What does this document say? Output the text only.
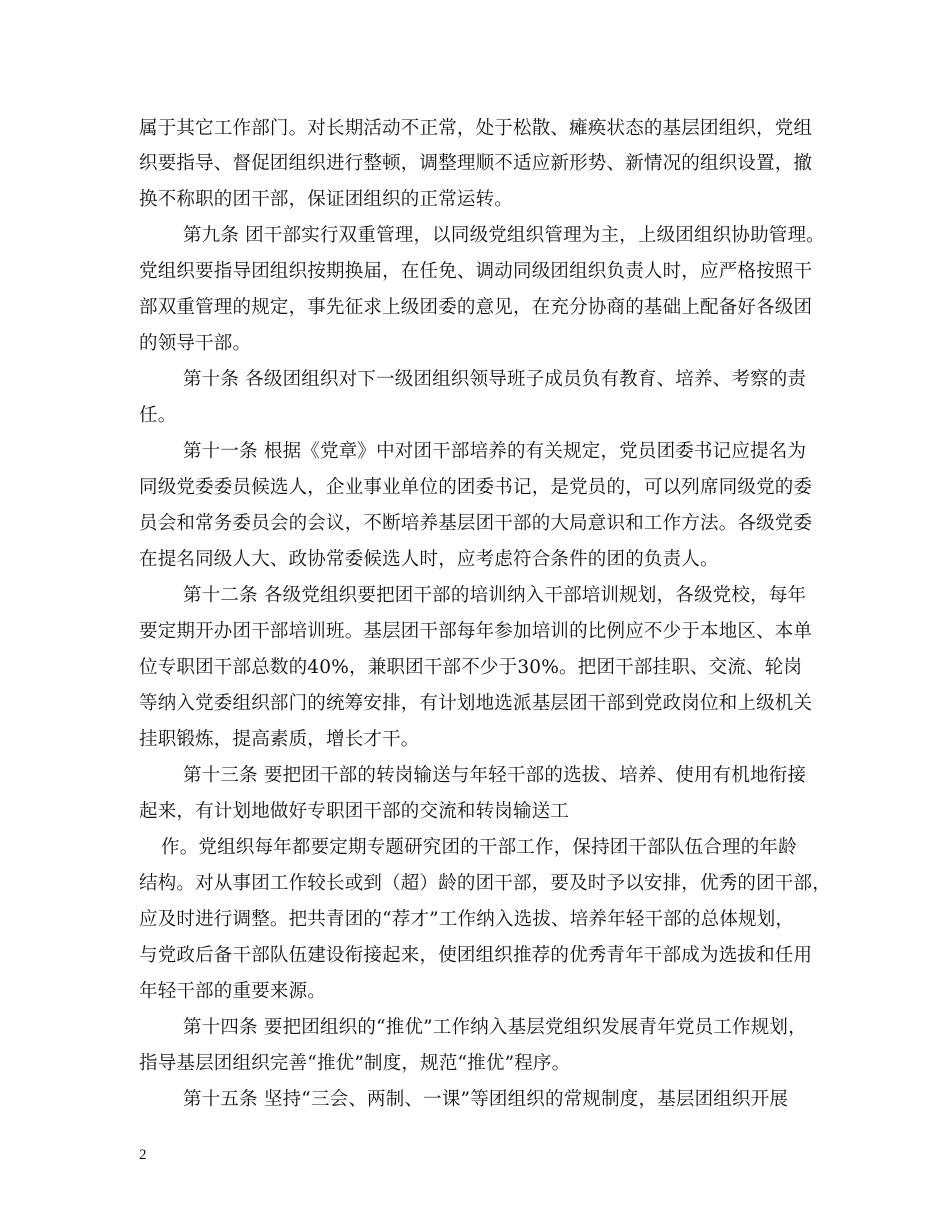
属于其它工作部门。对长期活动不正常，处于松散、瘫痪状态的基层团组织，党组
织要指导、督促团组织进行整顿，调整理顺不适应新形势、新情况的组织设置，撤
换不称职的团干部，保证团组织的正常运转。
第九条 团干部实行双重管理，以同级党组织管理为主，上级团组织协助管理。
党组织要指导团组织按期换届，在任免、调动同级团组织负责人时，应严格按照干
部双重管理的规定，事先征求上级团委的意见，在充分协商的基础上配备好各级团
的领导干部。
第十条 各级团组织对下一级团组织领导班子成员负有教育、培养、考察的责
任。
第十一条 根据《党章》中对团干部培养的有关规定，党员团委书记应提名为
同级党委委员候选人，企业事业单位的团委书记，是党员的，可以列席同级党的委
员会和常务委员会的会议，不断培养基层团干部的大局意识和工作方法。各级党委
在提名同级人大、政协常委候选人时，应考虑符合条件的团的负责人。
第十二条 各级党组织要把团干部的培训纳入干部培训规划，各级党校，每年
要定期开办团干部培训班。基层团干部每年参加培训的比例应不少于本地区、本单
位专职团干部总数的40%，兼职团干部不少于30%。把团干部挂职、交流、轮岗
等纳入党委组织部门的统筹安排，有计划地选派基层团干部到党政岗位和上级机关
挂职锻炼，提高素质，增长才干。
第十三条 要把团干部的转岗输送与年轻干部的选拔、培养、使用有机地衔接
起来，有计划地做好专职团干部的交流和转岗输送工
作。党组织每年都要定期专题研究团的干部工作，保持团干部队伍合理的年龄
结构。对从事团工作较长或到（超）龄的团干部，要及时予以安排，优秀的团干部，
应及时进行调整。把共青团的“荐才”工作纳入选拔、培养年轻干部的总体规划，
与党政后备干部队伍建设衔接起来，使团组织推荐的优秀青年干部成为选拔和任用
年轻干部的重要来源。
第十四条 要把团组织的“推优”工作纳入基层党组织发展青年党员工作规划，
指导基层团组织完善“推优”制度，规范“推优”程序。
第十五条 坚持“三会、两制、一课”等团组织的常规制度，基层团组织开展
2
